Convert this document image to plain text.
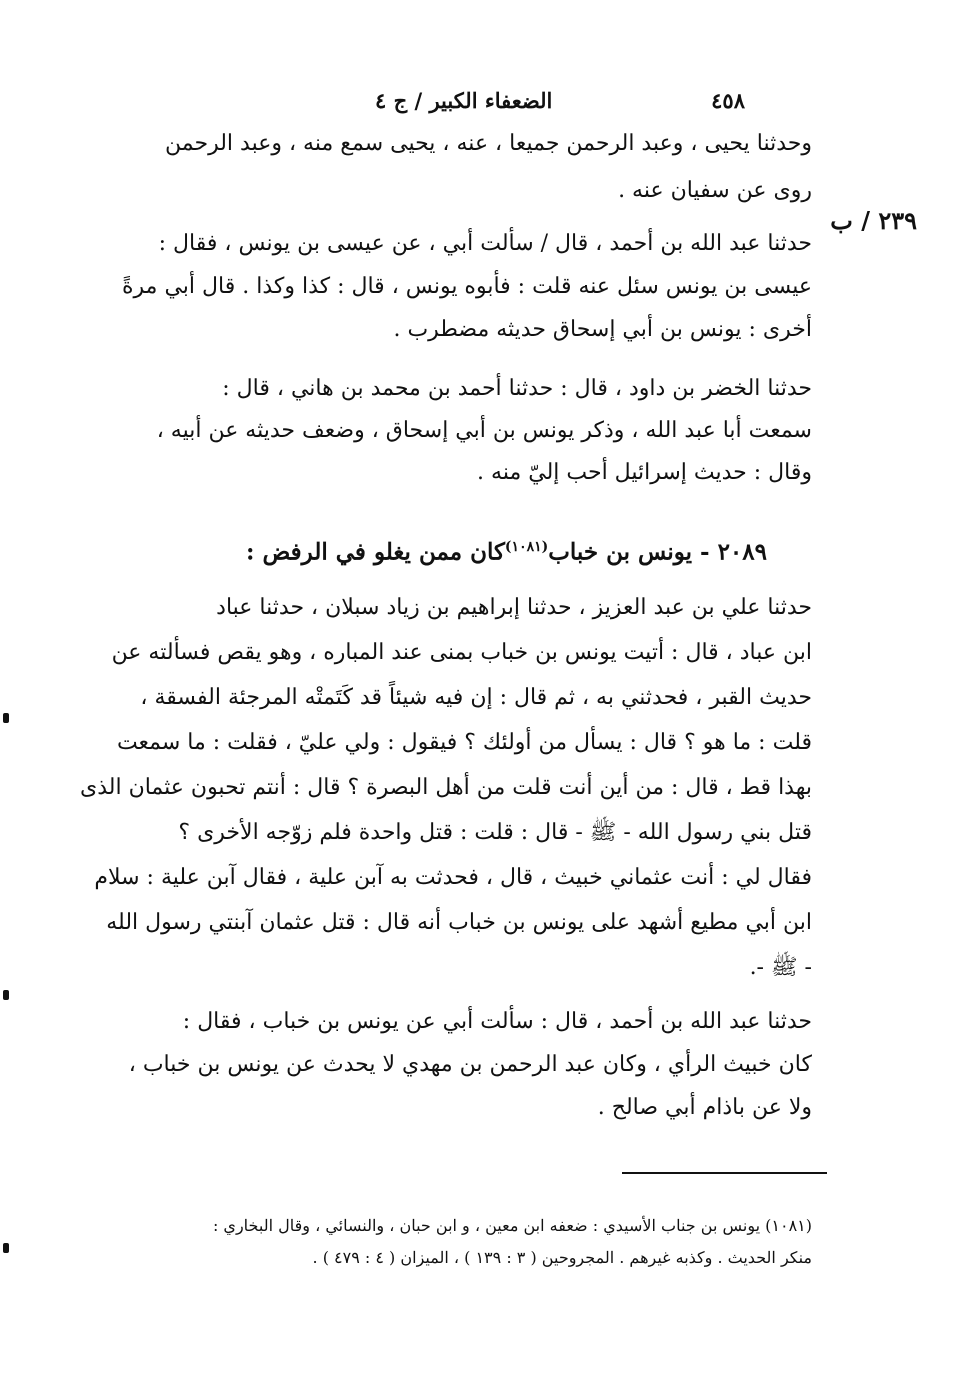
٤٥٨
الضعفاء الكبير / ج ٤
٢٣٩ / ب
وحدثنا يحيى ، وعبد الرحمن جميعا ، عنه ، يحيى سمع منه ، وعبد الرحمن
روى عن سفيان عنه .
حدثنا عبد الله بن أحمد ، قال / سألت أبي ، عن عيسى بن يونس ، فقال :
عيسى بن يونس سئل عنه قلت : فأبوه يونس ، قال : كذا وكذا . قال أبي مرةً
أخرى : يونس بن أبي إسحاق حديثه مضطرب .
حدثنا الخضر بن داود ، قال : حدثنا أحمد بن محمد بن هاني ، قال :
سمعت أبا عبد الله ، وذكر يونس بن أبي إسحاق ، وضعف حديثه عن أبيه ،
وقال : حديث إسرائيل أحب إليّ منه .
٢٠٨٩ - يونس بن خباب$^{(١٠٨١)}$كان ممن يغلو في الرفض :
حدثنا علي بن عبد العزيز ، حدثنا إبراهيم بن زياد سبلان ، حدثنا عباد
ابن عباد ، قال : أتيت يونس بن خباب بمنى عند المباره ، وهو يقص فسألته عن
حديث القبر ، فحدثني به ، ثم قال : إن فيه شيئاً قد كَتَمتْه المرجئة الفسقة ،
قلت : ما هو ؟ قال : يسأل من أولئك ؟ فيقول : ولي عليّ ، فقلت : ما سمعت
بهذا قط ، قال : من أين أنت قلت من أهل البصرة ؟ قال : أنتم تحبون عثمان الذى
قتل بني رسول الله - ﷺ - قال : قلت : قتل واحدة فلم زوّجه الأخرى ؟
فقال لي : أنت عثماني خبيث ، قال ، فحدثت به آبن علية ، فقال آبن علية : سلام
ابن أبي مطيع أشهد على يونس بن خباب أنه قال : قتل عثمان آبنتي رسول الله
- ﷺ -.
حدثنا عبد الله بن أحمد ، قال : سألت أبي عن يونس بن خباب ، فقال :
كان خبيث الرأي ، وكان عبد الرحمن بن مهدي لا يحدث عن يونس بن خباب ،
ولا عن باذام أبي صالح .
(١٠٨١) يونس بن جناب الأسيدي : ضعفه ابن معين ، و ابن حبان ، والنسائي ، وقال البخاري :
منكر الحديث . وكذبه غيرهم . المجروحين ( ٣ : ١٣٩ ) ، الميزان ( ٤ : ٤٧٩ ) .
